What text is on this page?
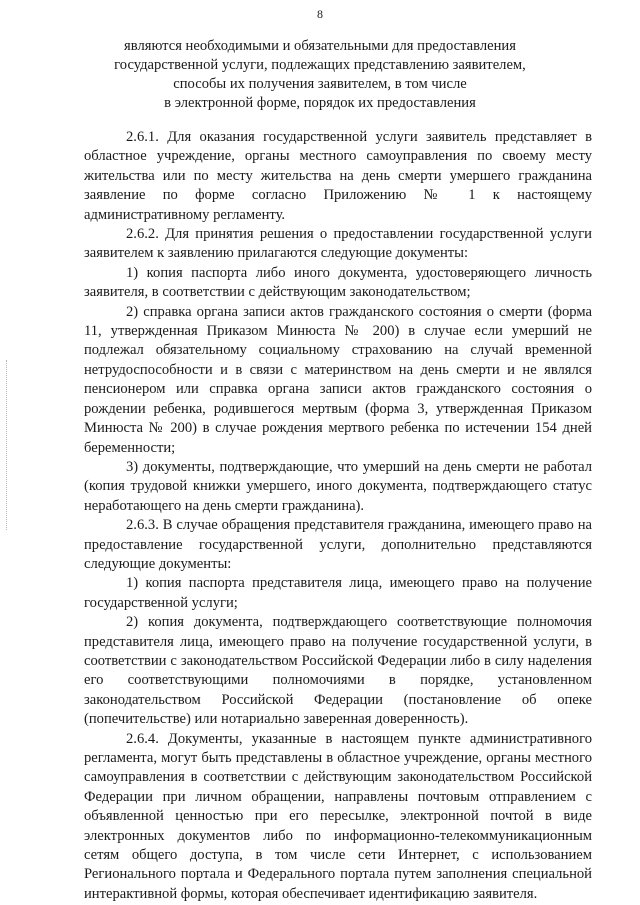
8
являются необходимыми и обязательными для предоставления
государственной услуги, подлежащих представлению заявителем,
способы их получения заявителем, в том числе
в электронной форме, порядок их предоставления

2.6.1. Для оказания государственной услуги заявитель представляет в областное учреждение, органы местного самоуправления по своему месту жительства или по месту жительства на день смерти умершего гражданина заявление по форме согласно Приложению № 1 к настоящему административному регламенту.

2.6.2. Для принятия решения о предоставлении государственной услуги заявителем к заявлению прилагаются следующие документы:

1) копия паспорта либо иного документа, удостоверяющего личность заявителя, в соответствии с действующим законодательством;

2) справка органа записи актов гражданского состояния о смерти (форма 11, утвержденная Приказом Минюста № 200) в случае если умерший не подлежал обязательному социальному страхованию на случай временной нетрудоспособности и в связи с материнством на день смерти и не являлся пенсионером или справка органа записи актов гражданского состояния о рождении ребенка, родившегося мертвым (форма 3, утвержденная Приказом Минюста № 200) в случае рождения мертвого ребенка по истечении 154 дней беременности;

3) документы, подтверждающие, что умерший на день смерти не работал (копия трудовой книжки умершего, иного документа, подтверждающего статус неработающего на день смерти гражданина).

2.6.3. В случае обращения представителя гражданина, имеющего право на предоставление государственной услуги, дополнительно представляются следующие документы:

1) копия паспорта представителя лица, имеющего право на получение государственной услуги;

2) копия документа, подтверждающего соответствующие полномочия представителя лица, имеющего право на получение государственной услуги, в соответствии с законодательством Российской Федерации либо в силу наделения его соответствующими полномочиями в порядке, установленном законодательством Российской Федерации (постановление об опеке (попечительстве) или нотариально заверенная доверенность).

2.6.4. Документы, указанные в настоящем пункте административного регламента, могут быть представлены в областное учреждение, органы местного самоуправления в соответствии с действующим законодательством Российской Федерации при личном обращении, направлены почтовым отправлением с объявленной ценностью при его пересылке, электронной почтой в виде электронных документов либо по информационно-телекоммуникационным сетям общего доступа, в том числе сети Интернет, с использованием Регионального портала и Федерального портала путем заполнения специальной интерактивной формы, которая обеспечивает идентификацию заявителя.
